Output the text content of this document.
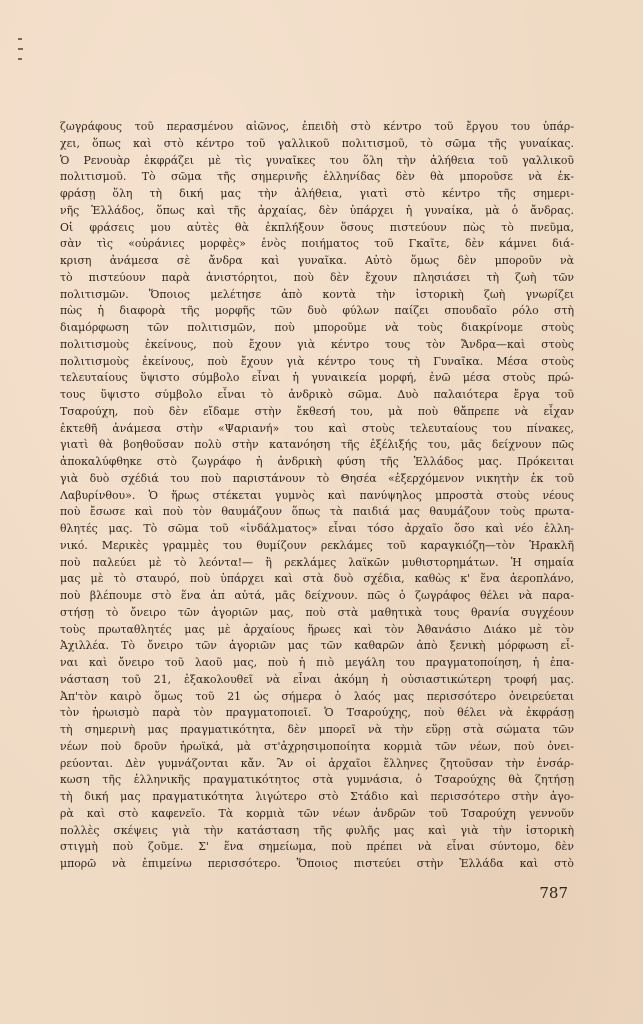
ζωγράφους τοῦ περασμένου αἰῶνος, ἐπειδὴ στὸ κέντρο τοῦ ἔργου του ὑπάρ-
χει, ὅπως καὶ στὸ κέντρο τοῦ γαλλικοῦ πολιτισμοῦ, τὸ σῶμα τῆς γυναίκας.
Ὁ Ρενουὰρ ἐκφράζει μὲ τὶς γυναῖκες του ὅλη τὴν ἀλήθεια τοῦ γαλλικοῦ
πολιτισμοῦ. Τὸ σῶμα τῆς σημερινῆς ἑλληνίδας δὲν θὰ μποροῦσε νὰ ἐκ-
φράσῃ ὅλη τὴ δική μας τὴν ἀλήθεια, γιατὶ στὸ κέντρο τῆς σημερι-
νῆς Ἑλλάδος, ὅπως καὶ τῆς ἀρχαίας, δὲν ὑπάρχει ἡ γυναίκα, μὰ ὁ ἄνδρας.
Οἱ φράσεις μου αὐτὲς θὰ ἐκπλήξουν ὅσους πιστεύουν πὼς τὸ πνεῦμα,
σὰν τὶς «οὐράνιες μορφὲς» ἑνὸς ποιήματος τοῦ Γκαῖτε, δὲν κάμνει διά-
κριση ἀνάμεσα σὲ ἄνδρα καὶ γυναῖκα. Αὐτὸ ὅμως δὲν μποροῦν νὰ
τὸ πιστεύουν παρὰ ἀνιστόρητοι, ποὺ δὲν ἔχουν πλησιάσει τὴ ζωὴ τῶν
πολιτισμῶν. Ὅποιος μελέτησε ἀπὸ κοντὰ τὴν ἱστορικὴ ζωὴ γνωρίζει
πὼς ἡ διαφορὰ τῆς μορφῆς τῶν δυὸ φύλων παίζει σπουδαῖο ρόλο στὴ
διαμόρφωση τῶν πολιτισμῶν, ποὺ μποροῦμε νὰ τοὺς διακρίνομε στοὺς
πολιτισμοὺς ἐκείνους, ποὺ ἔχουν γιὰ κέντρο τους τὸν Ἄνδρα—καὶ στοὺς
πολιτισμοὺς ἐκείνους, ποὺ ἔχουν γιὰ κέντρο τους τὴ Γυναῖκα. Μέσα στοὺς
τελευταίους ὕψιστο σύμβολο εἶναι ἡ γυναικεία μορφή, ἐνῶ μέσα στοὺς πρώ-
τους ὕψιστο σύμβολο εἶναι τὸ ἀνδρικὸ σῶμα. Δυὸ παλαιότερα ἔργα τοῦ
Τσαρούχη, ποὺ δὲν εἴδαμε στὴν ἔκθεσή του, μὰ ποὺ θἄπρεπε νὰ εἶχαν
ἐκτεθῆ ἀνάμεσα στὴν «Ψαριανή» του καὶ στοὺς τελευταίους του πίνακες,
γιατὶ θὰ βοηθοῦσαν πολὺ στὴν κατανόηση τῆς ἐξέλιξής του, μᾶς δείχνουν πῶς
ἀποκαλύφθηκε στὸ ζωγράφο ἡ ἀνδρικὴ φύση τῆς Ἑλλάδος μας. Πρόκειται
γιὰ δυὸ σχέδιά του ποὺ παριστάνουν τὸ Θησέα «ἐξερχόμενον νικητὴν ἐκ τοῦ
Λαβυρίνθου». Ὁ ἥρως στέκεται γυμνὸς καὶ πανύψηλος μπροστὰ στοὺς νέους
ποὺ ἔσωσε καὶ ποὺ τὸν θαυμάζουν ὅπως τὰ παιδιά μας θαυμάζουν τοὺς πρωτα-
θλητές μας. Τὸ σῶμα τοῦ «ἰνδάλματος» εἶναι τόσο ἀρχαῖο ὅσο καὶ νέο ἑλλη-
νικό. Μερικὲς γραμμὲς του θυμίζουν ρεκλάμες τοῦ καραγκιόζη—τὸν Ἡρακλῆ
ποὺ παλεύει μὲ τὸ λεόντα!— ἢ ρεκλάμες λαϊκῶν μυθιστορημάτων. Ἡ σημαία
μας μὲ τὸ σταυρό, ποὺ ὑπάρχει καὶ στὰ δυὸ σχέδια, καθὼς κ' ἕνα ἀεροπλάνο,
ποὺ βλέπουμε στὸ ἕνα ἀπ αὐτά, μᾶς δείχνουν. πῶς ὁ ζωγράφος θέλει νὰ παρα-
στήσῃ τὸ ὄνειρο τῶν ἀγοριῶν μας, ποὺ στὰ μαθητικὰ τους θρανία συγχέουν
τοὺς πρωταθλητές μας μὲ ἀρχαίους ἥρωες καὶ τὸν Ἀθανάσιο Διάκο μὲ τὸν
Ἀχιλλέα. Τὸ ὄνειρο τῶν ἀγοριῶν μας τῶν καθαρῶν ἀπὸ ξενικὴ μόρφωση εἶ-
ναι καὶ ὄνειρο τοῦ λαοῦ μας, ποὺ ἡ πιὸ μεγάλη του πραγματοποίηση, ἡ ἐπα-
νάσταση τοῦ 21, ἐξακολουθεῖ νὰ εἶναι ἀκόμη ἡ οὐσιαστικώτερη τροφή μας.
Ἀπ'τὸν καιρὸ ὅμως τοῦ 21 ὡς σήμερα ὁ λαός μας περισσότερο ὀνειρεύεται
τὸν ἡρωισμὸ παρὰ τὸν πραγματοποιεῖ. Ὁ Τσαρούχης, ποὺ θέλει νὰ ἐκφράσῃ
τὴ σημερινὴ μας πραγματικότητα, δὲν μπορεῖ νὰ τὴν εὕρῃ στὰ σώματα τῶν
νέων ποὺ δροῦν ἡρωϊκά, μὰ στ'ἀχρησιμοποίητα κορμιὰ τῶν νέων, ποὺ ὀνει-
ρεύονται. Δὲν γυμνάζονται κἄν. Ἂν οἱ ἀρχαῖοι ἕλληνες ζητοῦσαν τὴν ἐνσάρ-
κωση τῆς ἑλληνικῆς πραγματικότητος στὰ γυμνάσια, ὁ Τσαρούχης θὰ ζητήσῃ
τὴ δική μας πραγματικότητα λιγώτερο στὸ Στάδιο καὶ περισσότερο στὴν ἀγο-
ρὰ καὶ στὸ καφενεῖο. Τὰ κορμιὰ τῶν νέων ἀνδρῶν τοῦ Τσαρούχη γεννοῦν
πολλὲς σκέψεις γιὰ τὴν κατάσταση τῆς φυλῆς μας καὶ γιὰ τὴν ἱστορικὴ
στιγμὴ ποὺ ζοῦμε. Σ' ἕνα σημείωμα, ποὺ πρέπει νὰ εἶναι σύντομο, δὲν
μπορῶ νὰ ἐπιμείνω περισσότερο. Ὅποιος πιστεύει στὴν Ἑλλάδα καὶ στὸ
787
